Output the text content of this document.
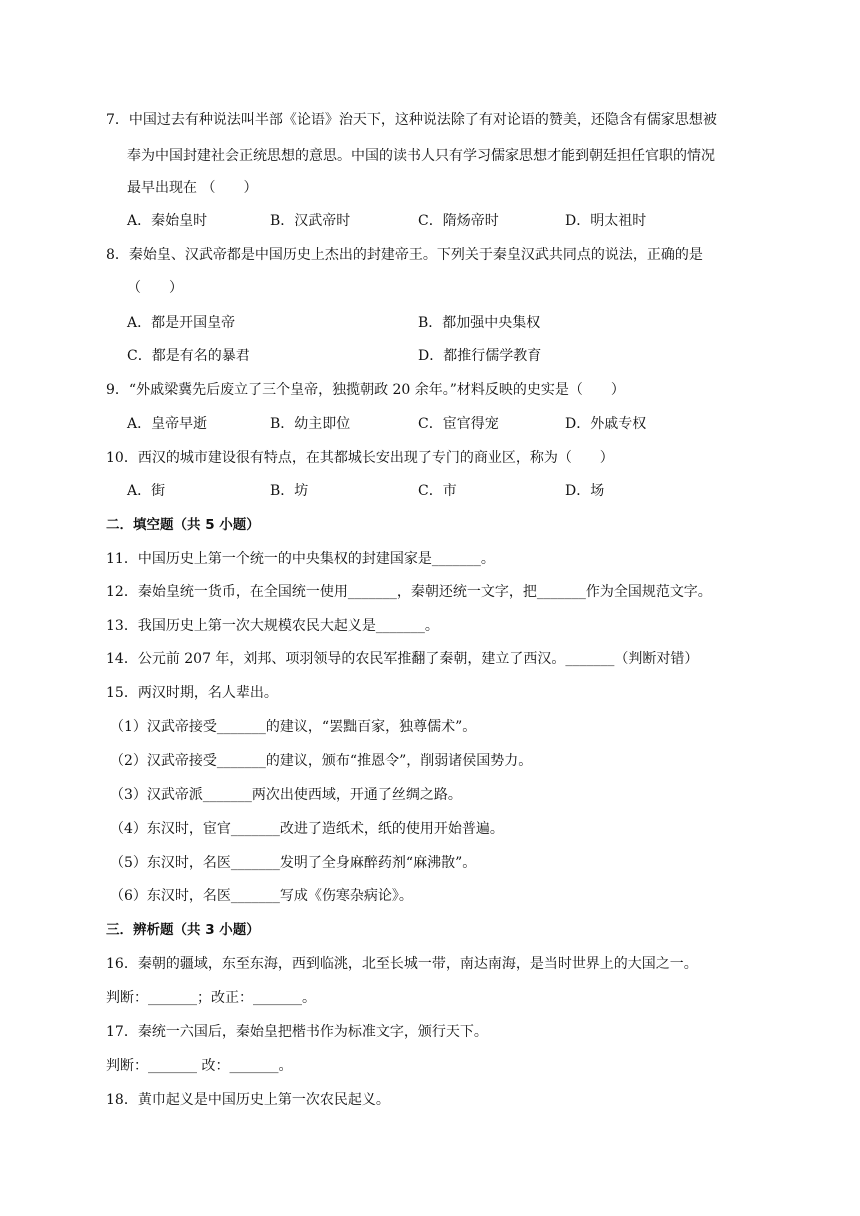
7．中国过去有种说法叫半部《论语》治天下，这种说法除了有对论语的赞美，还隐含有儒家思想被
奉为中国封建社会正统思想的意思。中国的读书人只有学习儒家思想才能到朝廷担任官职的情况
最早出现在 （　　）
A．秦始皇时	B．汉武帝时	C．隋炀帝时	D．明太祖时
8．秦始皇、汉武帝都是中国历史上杰出的封建帝王。下列关于秦皇汉武共同点的说法，正确的是
（　　）
A．都是开国皇帝	B．都加强中央集权
C．都是有名的暴君	D．都推行儒学教育
9．“外戚梁冀先后废立了三个皇帝，独揽朝政 20 余年。”材料反映的史实是（　　）
A．皇帝早逝	B．幼主即位	C．宦官得宠	D．外戚专权
10．西汉的城市建设很有特点，在其都城长安出现了专门的商业区，称为（　　）
A．街	B．坊	C．市	D．场
二．填空题（共 5 小题）
11．中国历史上第一个统一的中央集权的封建国家是_______。
12．秦始皇统一货币，在全国统一使用_______，秦朝还统一文字，把_______作为全国规范文字。
13．我国历史上第一次大规模农民大起义是_______。
14．公元前 207 年，刘邦、项羽领导的农民军推翻了秦朝，建立了西汉。_______（判断对错）
15．两汉时期，名人辈出。
（1）汉武帝接受_______的建议，“罢黜百家，独尊儒术”。
（2）汉武帝接受_______的建议，颁布“推恩令”，削弱诸侯国势力。
（3）汉武帝派_______两次出使西域，开通了丝绸之路。
（4）东汉时，宦官_______改进了造纸术，纸的使用开始普遍。
（5）东汉时，名医_______发明了全身麻醉药剂“麻沸散”。
（6）东汉时，名医_______写成《伤寒杂病论》。
三．辨析题（共 3 小题）
16．秦朝的疆域，东至东海，西到临洮，北至长城一带，南达南海，是当时世界上的大国之一。
判断：_______；改正：_______。
17．秦统一六国后，秦始皇把楷书作为标准文字，颁行天下。
判断：_______ 改：_______。
18．黄巾起义是中国历史上第一次农民起义。
